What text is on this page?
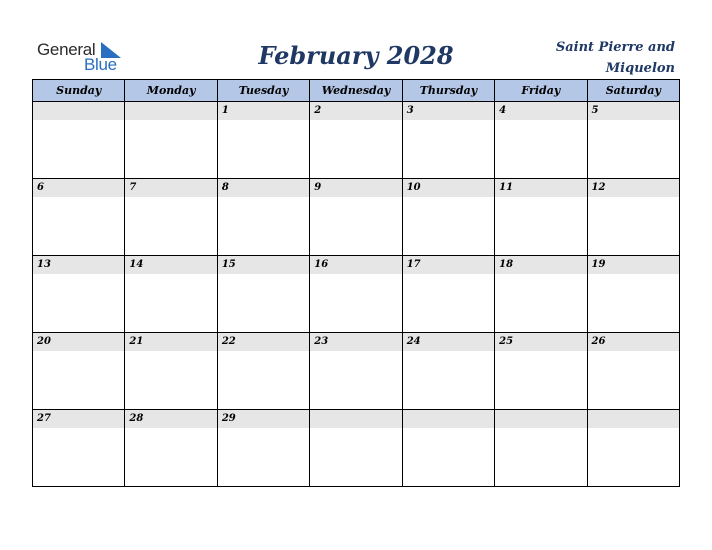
General
Blue	February 2028	Saint Pierre and
Miquelon
Sunday	Monday	Tuesday	Wednesday	Thursday	Friday	Saturday

		1	2	3	4	5

6	7	8	9	10	11	12

13	14	15	16	17	18	19

20	21	22	23	24	25	26

27	28	29				
